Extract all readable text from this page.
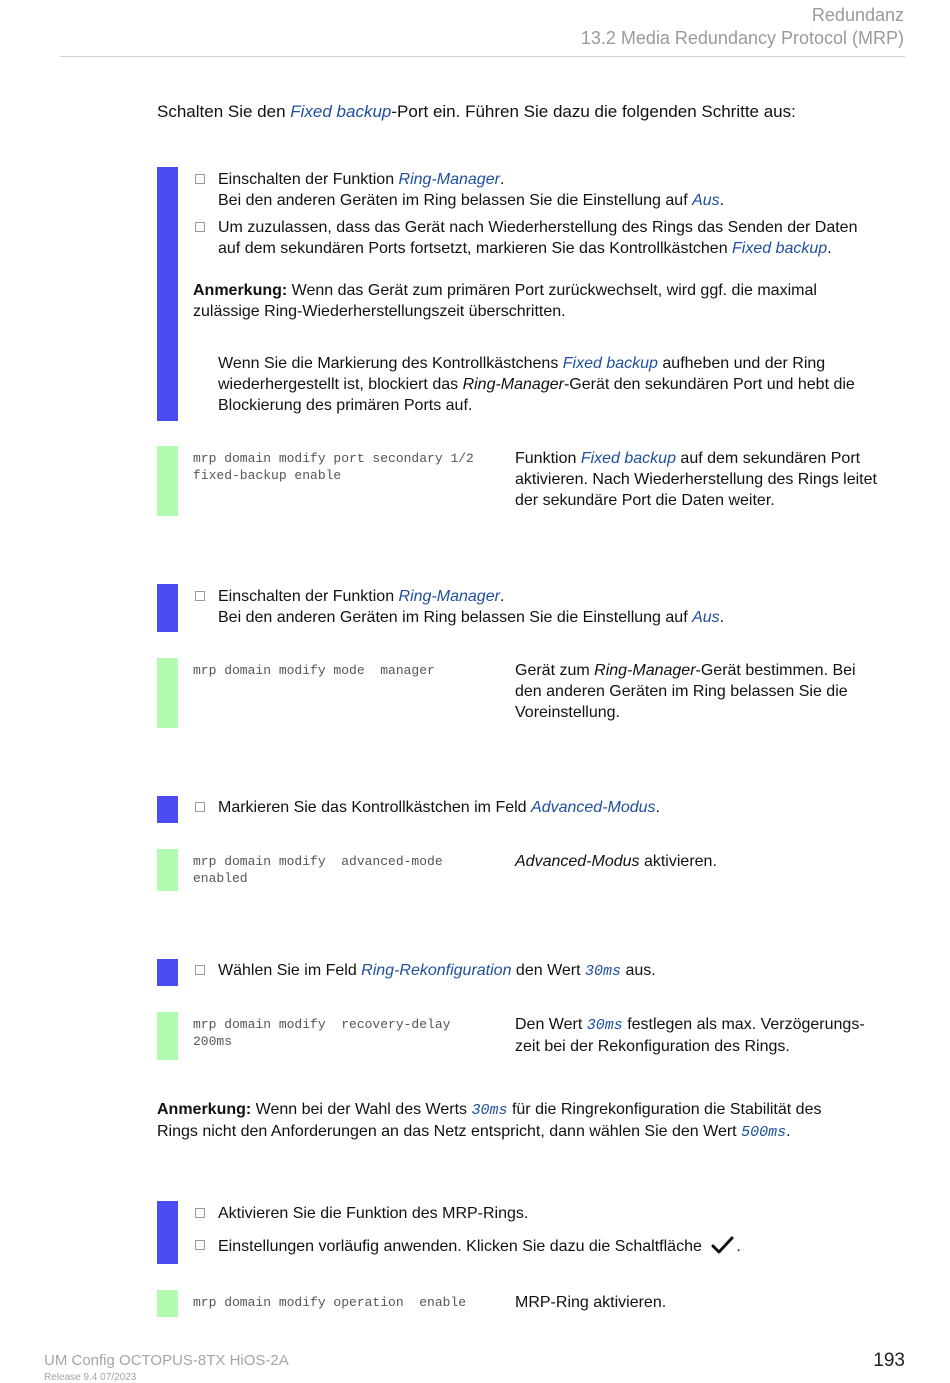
Redundanz
13.2 Media Redundancy Protocol (MRP)
Schalten Sie den Fixed backup-Port ein. Führen Sie dazu die folgenden Schritte aus:
Einschalten der Funktion Ring-Manager.
Bei den anderen Geräten im Ring belassen Sie die Einstellung auf Aus.
Um zuzulassen, dass das Gerät nach Wiederherstellung des Rings das Senden der Daten
auf dem sekundären Ports fortsetzt, markieren Sie das Kontrollkästchen Fixed backup.
Anmerkung: Wenn das Gerät zum primären Port zurückwechselt, wird ggf. die maximal
zulässige Ring-Wiederherstellungszeit überschritten.
Wenn Sie die Markierung des Kontrollkästchens Fixed backup aufheben und der Ring
wiederhergestellt ist, blockiert das Ring-Manager-Gerät den sekundären Port und hebt die
Blockierung des primären Ports auf.
mrp domain modify port secondary 1/2
fixed-backup enable
Funktion Fixed backup auf dem sekundären Port
aktivieren. Nach Wiederherstellung des Rings leitet
der sekundäre Port die Daten weiter.
Einschalten der Funktion Ring-Manager.
Bei den anderen Geräten im Ring belassen Sie die Einstellung auf Aus.
mrp domain modify mode  manager	Gerät zum Ring-Manager-Gerät bestimmen. Bei
den anderen Geräten im Ring belassen Sie die
Voreinstellung.
Markieren Sie das Kontrollkästchen im Feld Advanced-Modus.
mrp domain modify  advanced-mode
enabled
Advanced-Modus aktivieren.
Wählen Sie im Feld Ring-Rekonfiguration den Wert 30ms aus.
mrp domain modify  recovery-delay
200ms
Den Wert 30ms festlegen als max. Verzögerungs-
zeit bei der Rekonfiguration des Rings.
Anmerkung: Wenn bei der Wahl des Werts 30ms für die Ringrekonfiguration die Stabilität des
Rings nicht den Anforderungen an das Netz entspricht, dann wählen Sie den Wert 500ms.
Aktivieren Sie die Funktion des MRP-Rings.
Einstellungen vorläufig anwenden. Klicken Sie dazu die Schaltfläche .
mrp domain modify operation  enable	MRP-Ring aktivieren.
UM Config OCTOPUS-8TX HiOS-2A
Release 9.4 07/2023
193
